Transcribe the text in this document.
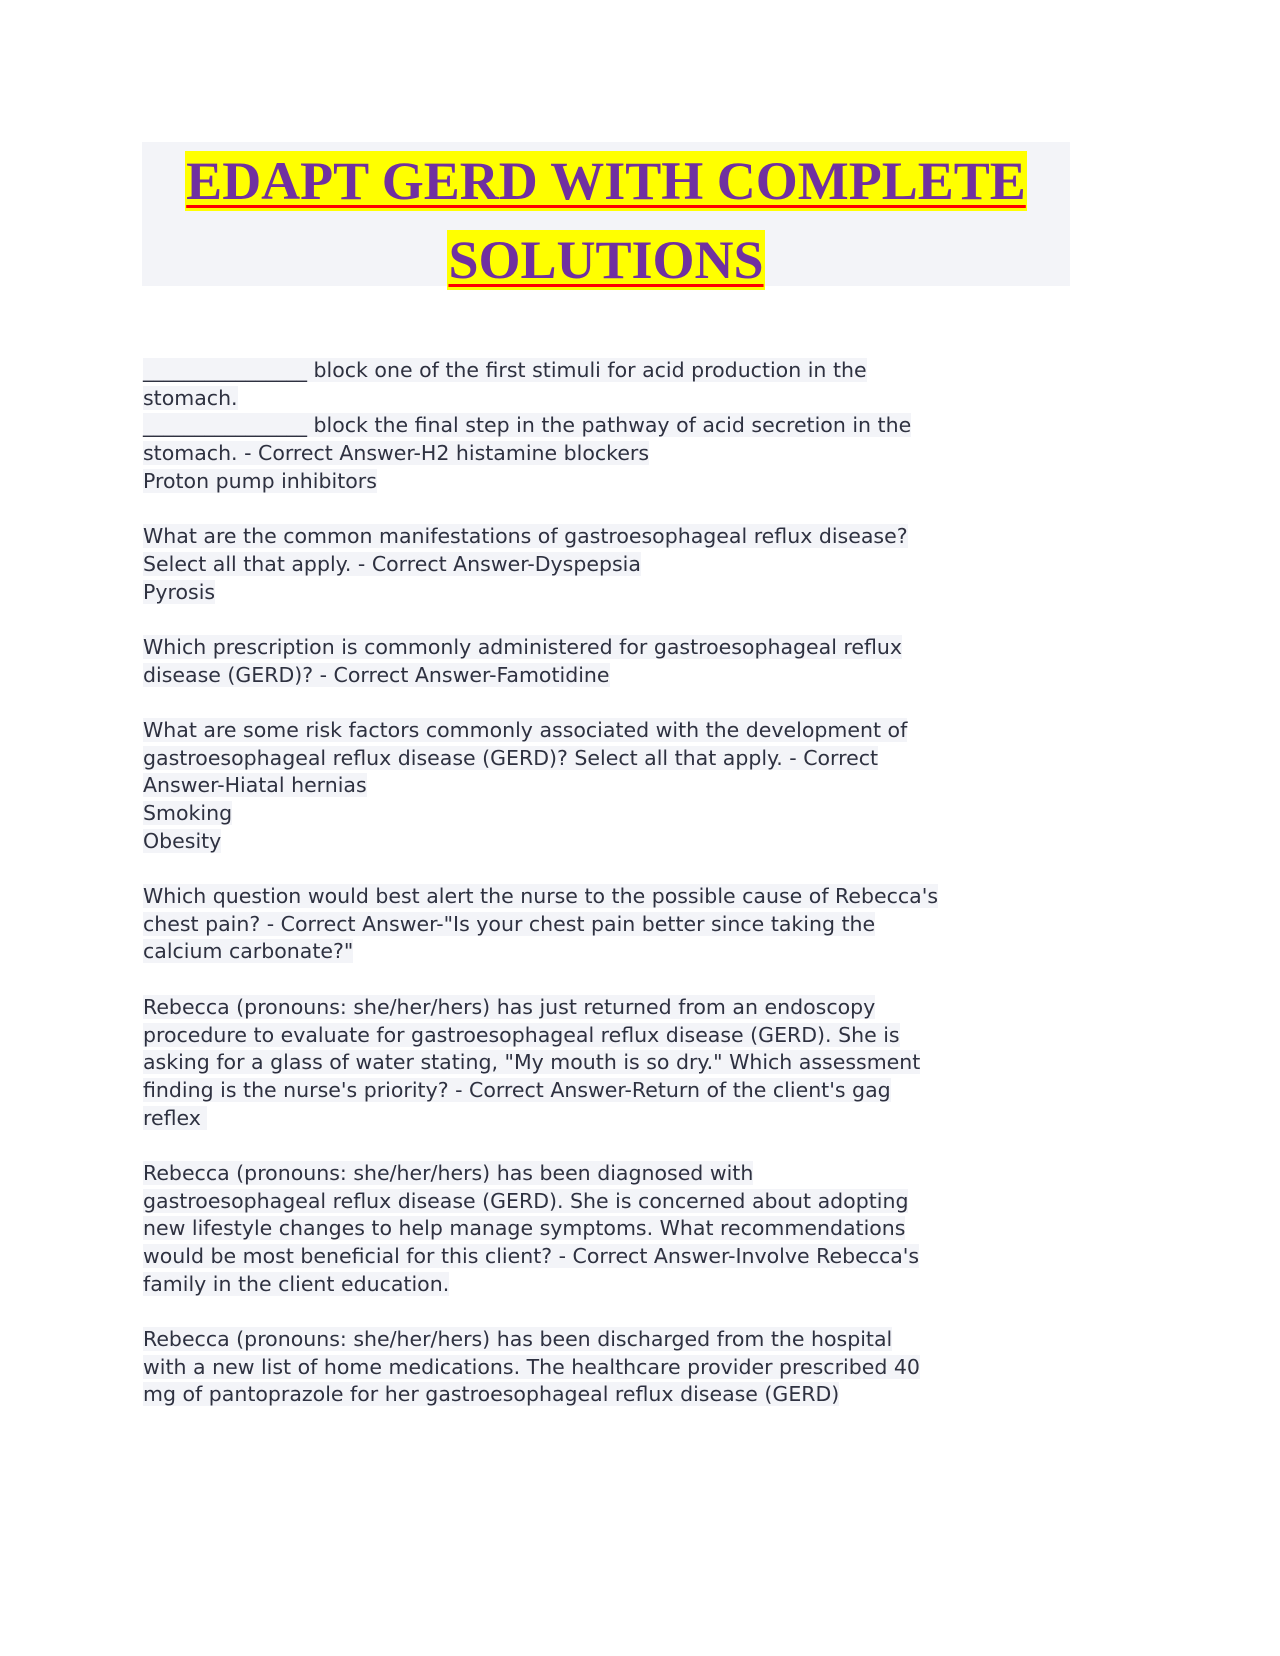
EDAPT GERD WITH COMPLETE
SOLUTIONS
________________ block one of the first stimuli for acid production in the
stomach.
________________ block the final step in the pathway of acid secretion in the
stomach. - Correct Answer-H2 histamine blockers
Proton pump inhibitors
What are the common manifestations of gastroesophageal reflux disease?
Select all that apply. - Correct Answer-Dyspepsia
Pyrosis
Which prescription is commonly administered for gastroesophageal reflux
disease (GERD)? - Correct Answer-Famotidine
What are some risk factors commonly associated with the development of
gastroesophageal reflux disease (GERD)? Select all that apply. - Correct
Answer-Hiatal hernias
Smoking
Obesity
Which question would best alert the nurse to the possible cause of Rebecca's
chest pain? - Correct Answer-"Is your chest pain better since taking the
calcium carbonate?"
Rebecca (pronouns: she/her/hers) has just returned from an endoscopy
procedure to evaluate for gastroesophageal reflux disease (GERD). She is
asking for a glass of water stating, "My mouth is so dry." Which assessment
finding is the nurse's priority? - Correct Answer-Return of the client's gag
reflex
Rebecca (pronouns: she/her/hers) has been diagnosed with
gastroesophageal reflux disease (GERD). She is concerned about adopting
new lifestyle changes to help manage symptoms. What recommendations
would be most beneficial for this client? - Correct Answer-Involve Rebecca's
family in the client education.
Rebecca (pronouns: she/her/hers) has been discharged from the hospital
with a new list of home medications. The healthcare provider prescribed 40
mg of pantoprazole for her gastroesophageal reflux disease (GERD)
